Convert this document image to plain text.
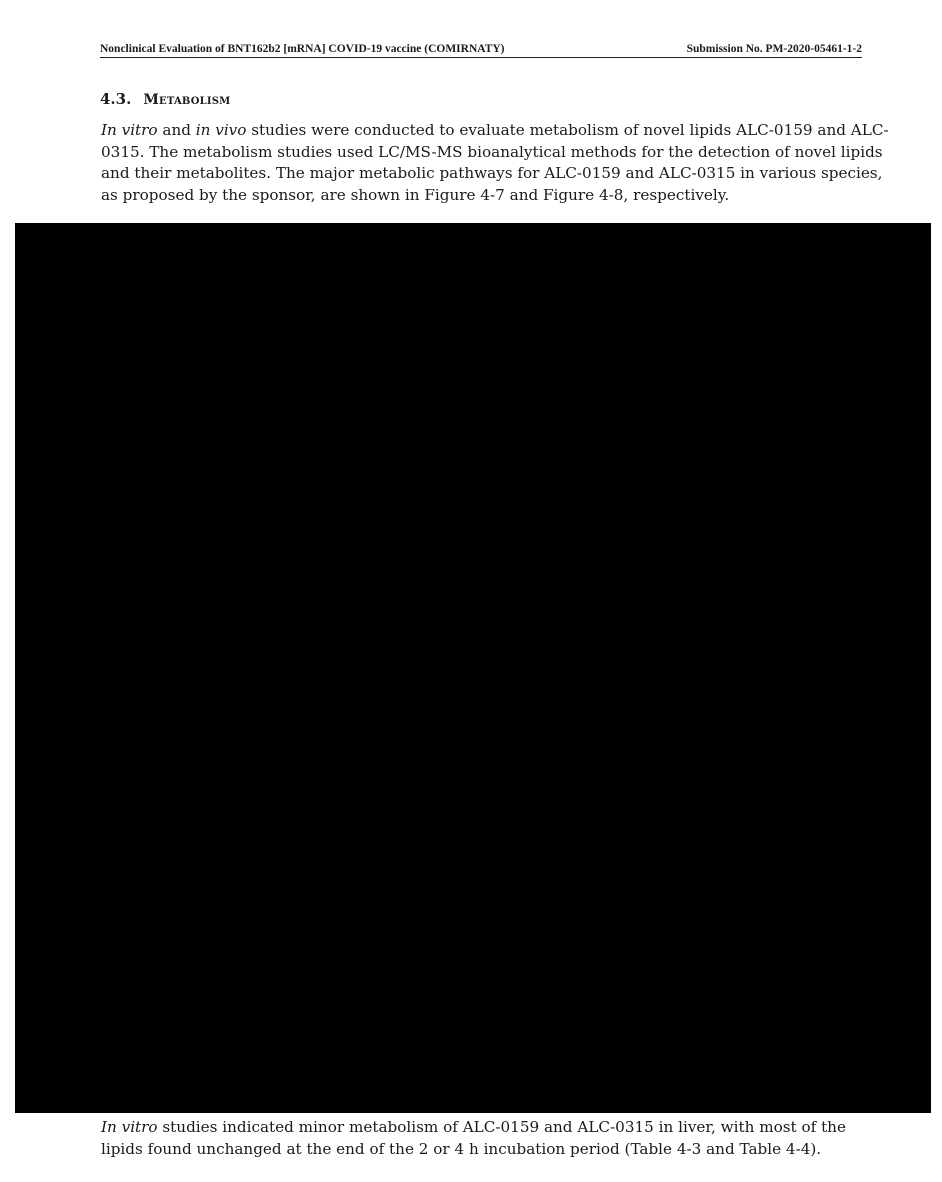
Nonclinical Evaluation of BNT162b2 [mRNA] COVID-19 vaccine (COMIRNATY)	Submission No. PM-2020-05461-1-2
4.3. Metabolism

In vitro and in vivo studies were conducted to evaluate metabolism of novel lipids ALC-0159 and ALC-
0315. The metabolism studies used LC/MS-MS bioanalytical methods for the detection of novel lipids
and their metabolites. The major metabolic pathways for ALC-0159 and ALC-0315 in various species,
as proposed by the sponsor, are shown in Figure 4-7 and Figure 4-8, respectively.

In vitro studies indicated minor metabolism of ALC-0159 and ALC-0315 in liver, with most of the
lipids found unchanged at the end of the 2 or 4 h incubation period (Table 4-3 and Table 4-4).
